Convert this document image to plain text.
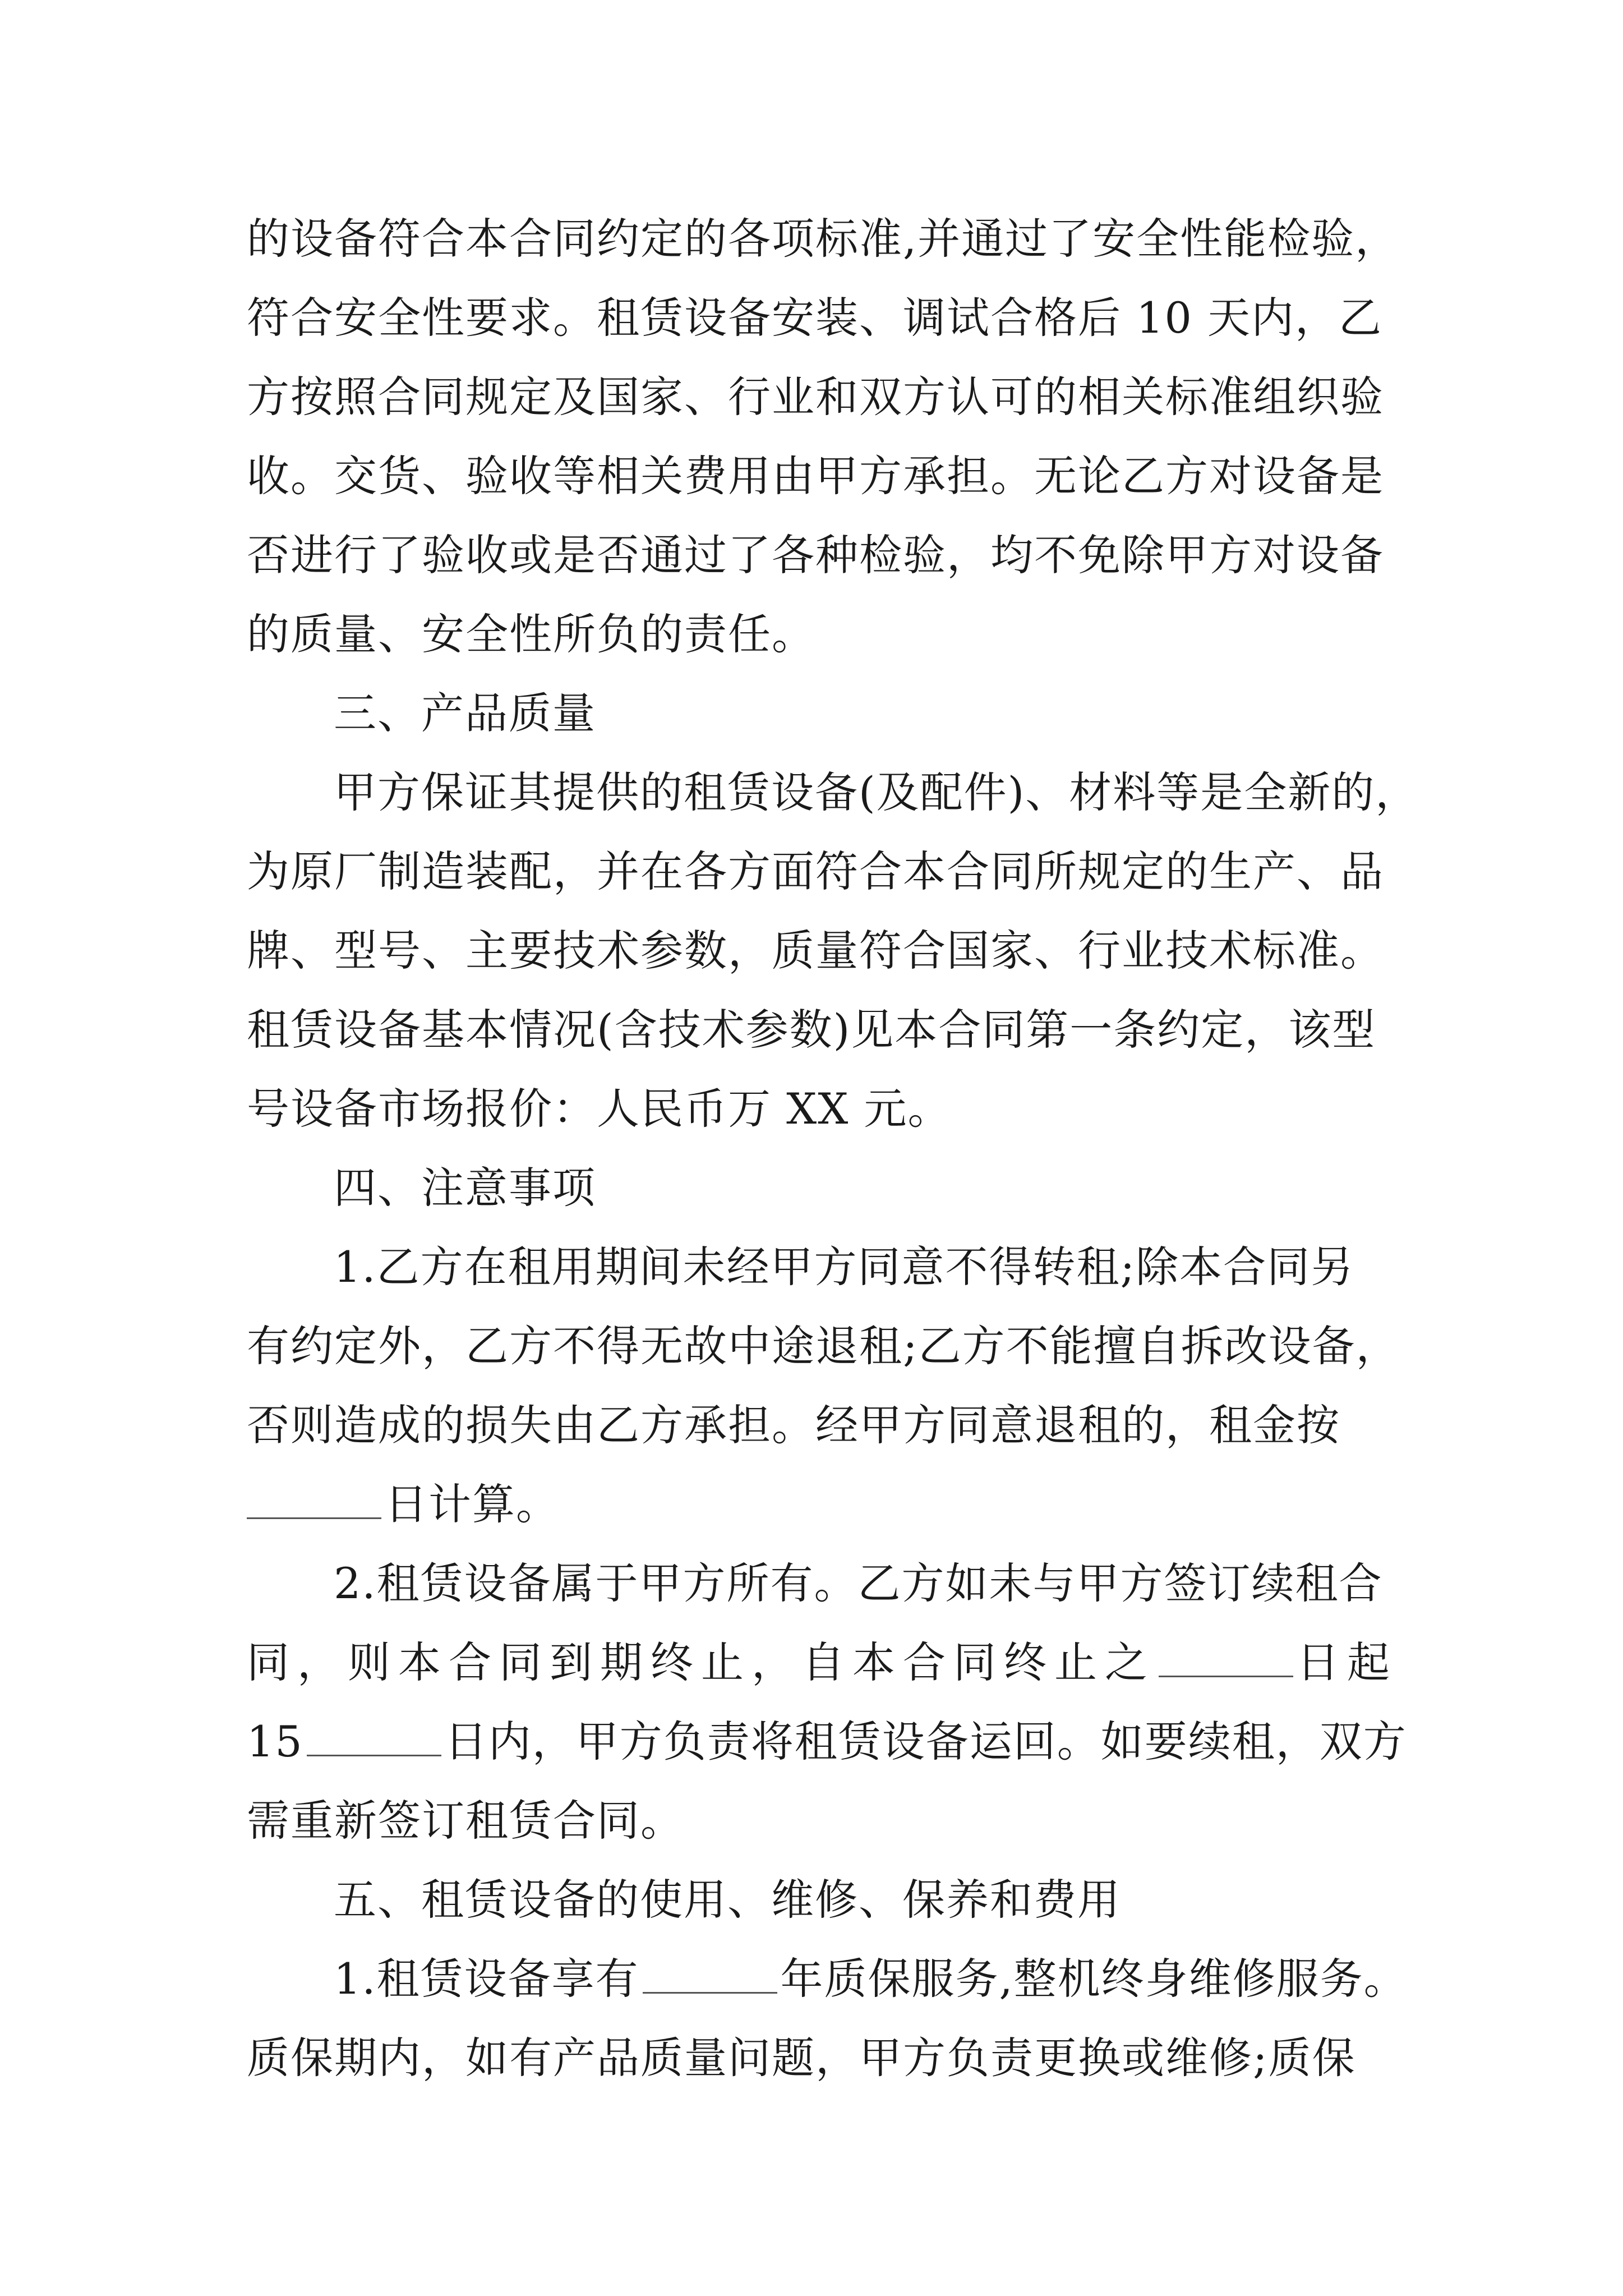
的设备符合本合同约定的各项标准,并通过了安全性能检验，
符合安全性要求。租赁设备安装、调试合格后 10 天内，乙
方按照合同规定及国家、行业和双方认可的相关标准组织验
收。交货、验收等相关费用由甲方承担。无论乙方对设备是
否进行了验收或是否通过了各种检验，均不免除甲方对设备
的质量、安全性所负的责任。
三、产品质量
甲方保证其提供的租赁设备(及配件)、材料等是全新的，
为原厂制造装配，并在各方面符合本合同所规定的生产、品
牌、型号、主要技术参数，质量符合国家、行业技术标准。
租赁设备基本情况(含技术参数)见本合同第一条约定，该型
号设备市场报价：人民币万 XX 元。
四、注意事项
1.乙方在租用期间未经甲方同意不得转租;除本合同另
有约定外，乙方不得无故中途退租;乙方不能擅自拆改设备，
否则造成的损失由乙方承担。经甲方同意退租的，租金按
日计算。
2.租赁设备属于甲方所有。乙方如未与甲方签订续租合
同，则本合同到期终止，自本合同终止之	日起
15	日内，甲方负责将租赁设备运回。如要续租，双方
需重新签订租赁合同。
五、租赁设备的使用、维修、保养和费用
1.租赁设备享有	年质保服务,整机终身维修服务。
质保期内，如有产品质量问题，甲方负责更换或维修;质保
